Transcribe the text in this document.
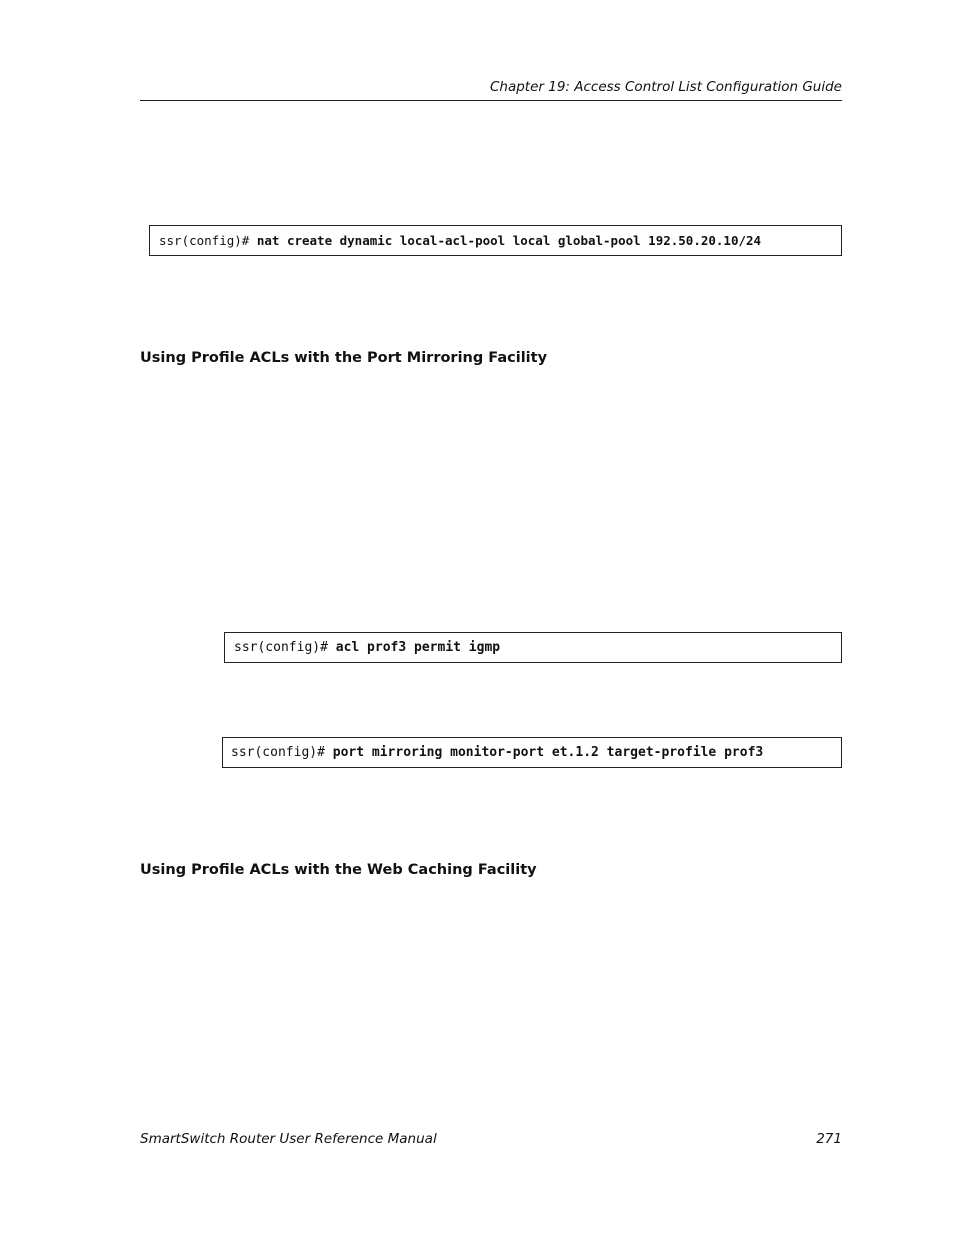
Chapter 19: Access Control List Configuration Guide
ssr(config)# nat create dynamic local-acl-pool local global-pool 192.50.20.10/24
Using Profile ACLs with the Port Mirroring Facility
ssr(config)# acl prof3 permit igmp
ssr(config)# port mirroring monitor-port et.1.2 target-profile prof3
Using Profile ACLs with the Web Caching Facility
SmartSwitch Router User Reference Manual	271
